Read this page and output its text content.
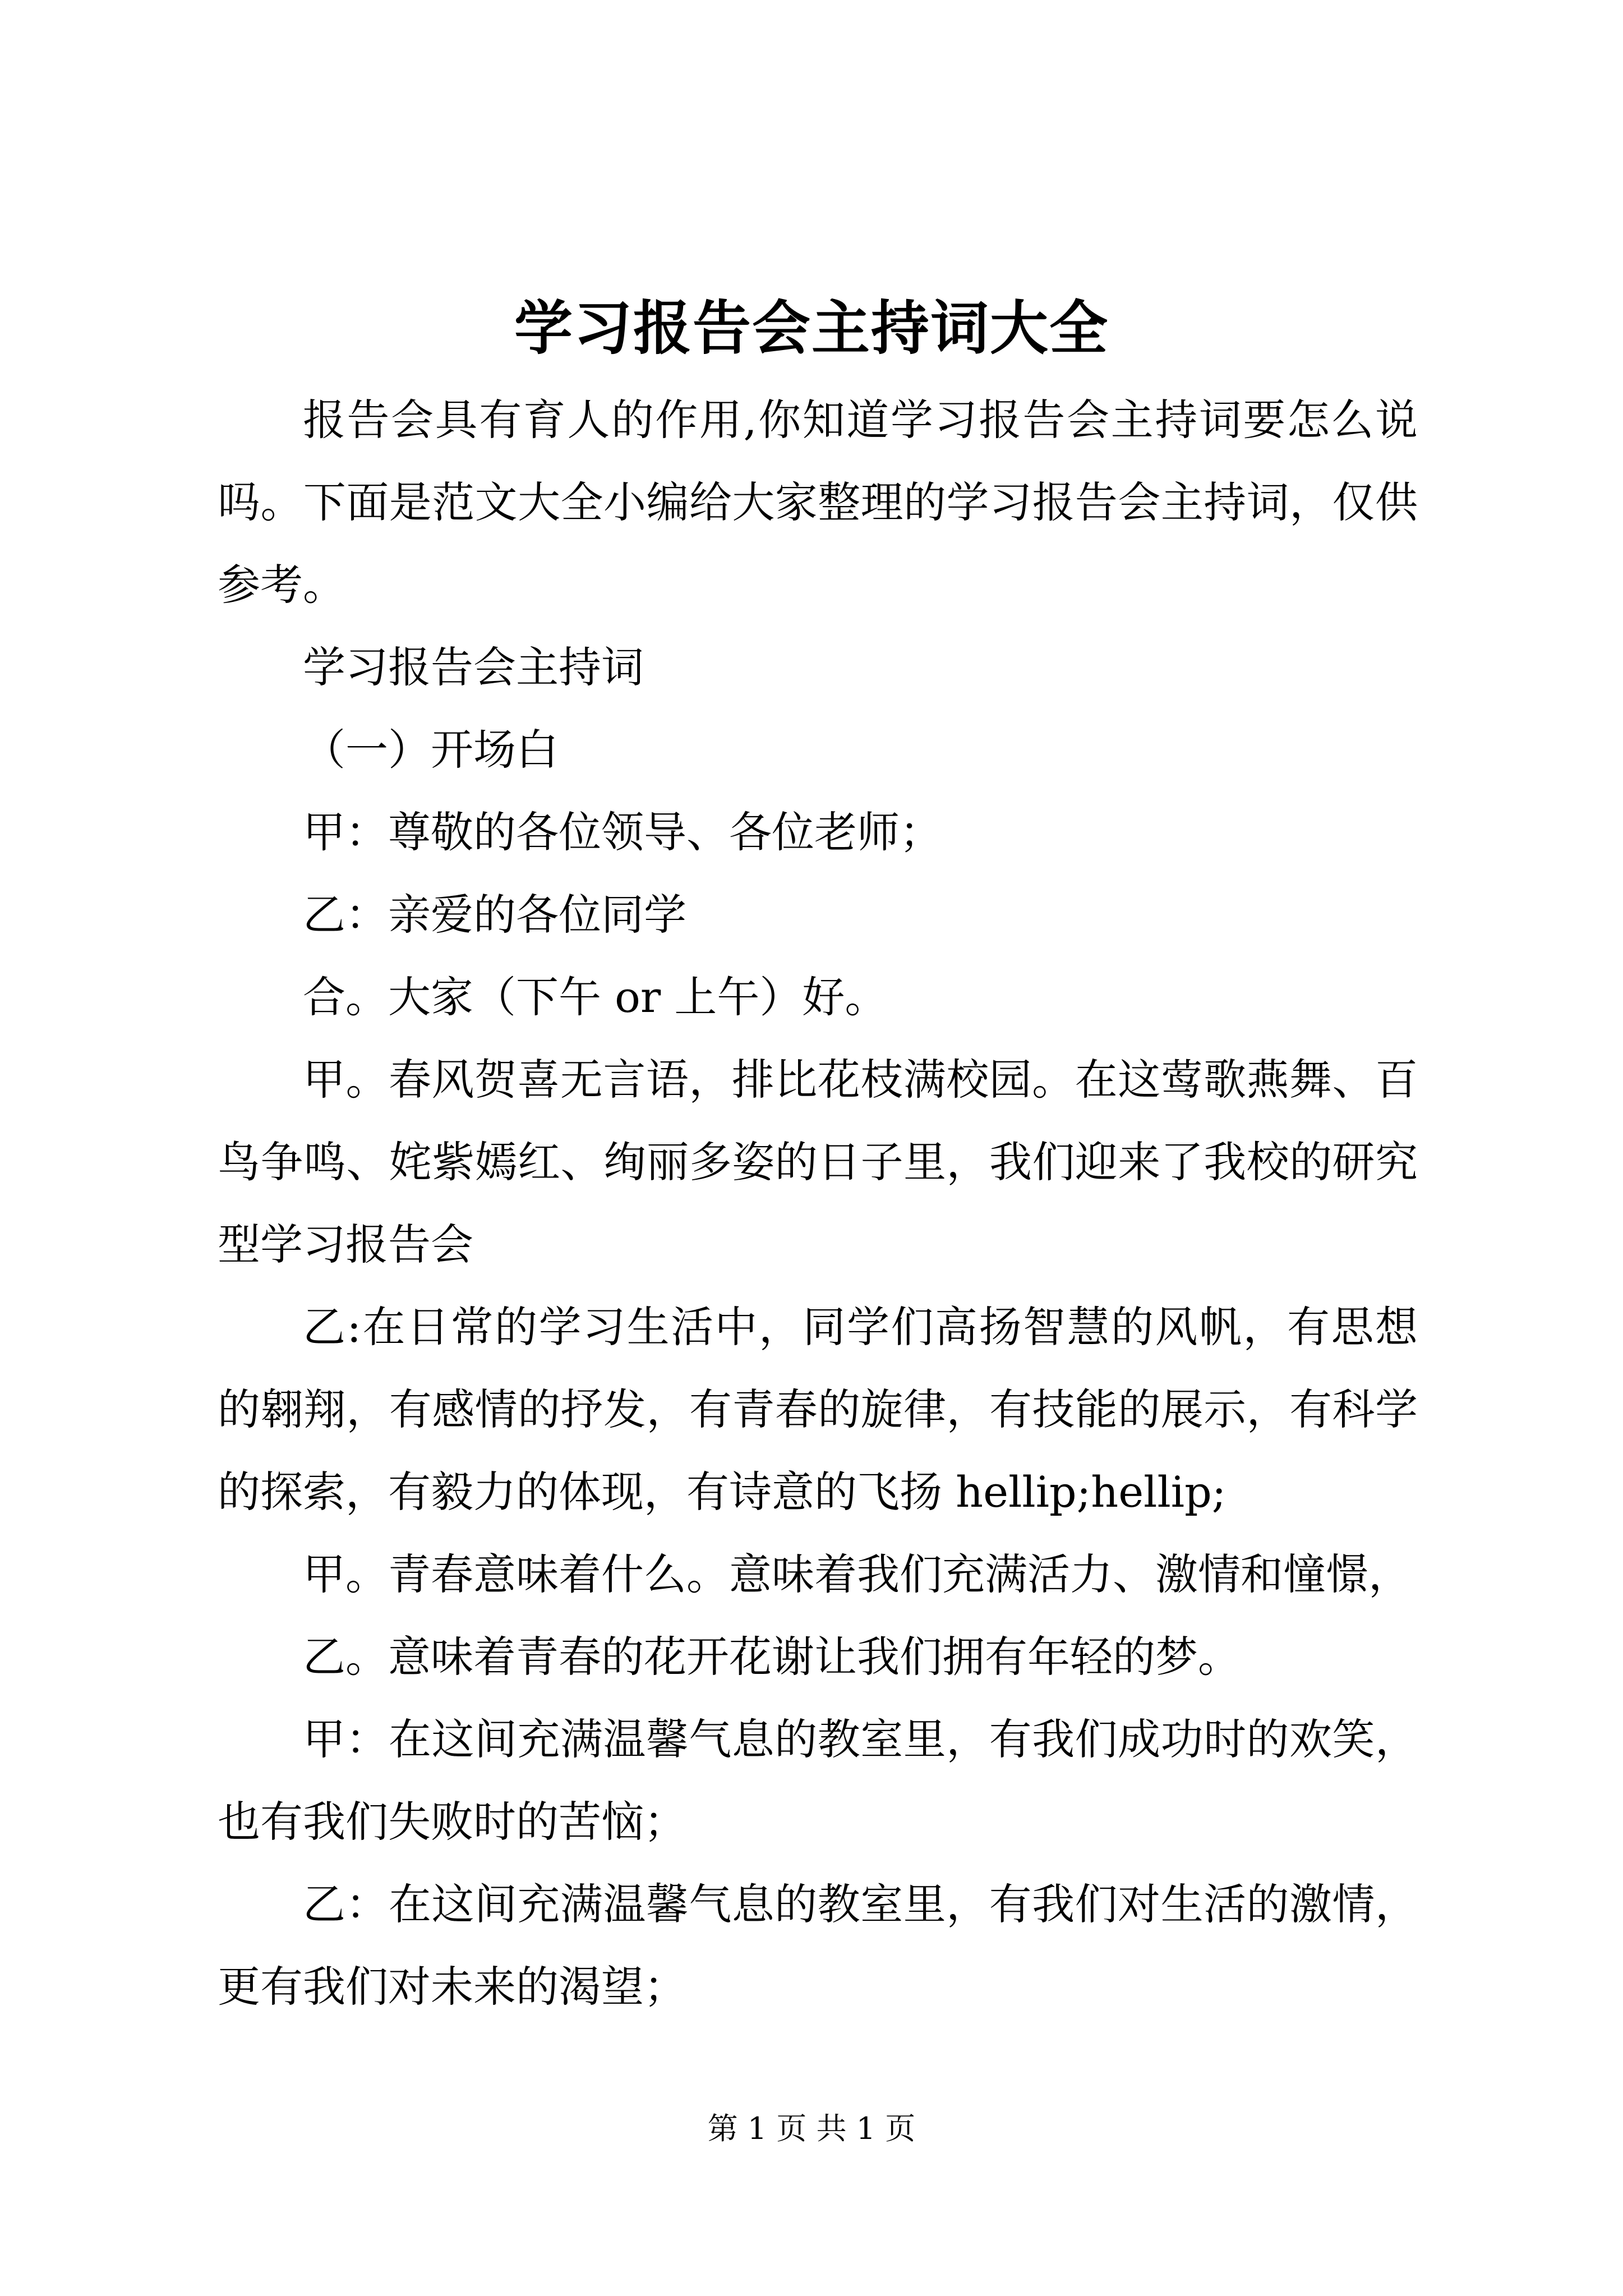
学习报告会主持词大全

报告会具有育人的作用,你知道学习报告会主持词要怎么说吗。下面是范文大全小编给大家整理的学习报告会主持词，仅供参考。

学习报告会主持词

（一）开场白

甲：尊敬的各位领导、各位老师；

乙：亲爱的各位同学

合。大家（下午 or 上午）好。

甲。春风贺喜无言语，排比花枝满校园。在这莺歌燕舞、百鸟争鸣、姹紫嫣红、绚丽多姿的日子里，我们迎来了我校的研究型学习报告会

乙:在日常的学习生活中，同学们高扬智慧的风帆，有思想的翱翔，有感情的抒发，有青春的旋律，有技能的展示，有科学的探索，有毅力的体现，有诗意的飞扬 hellip;hellip;

甲。青春意味着什么。意味着我们充满活力、激情和憧憬，

乙。意味着青春的花开花谢让我们拥有年轻的梦。

甲：在这间充满温馨气息的教室里，有我们成功时的欢笑，也有我们失败时的苦恼；

乙：在这间充满温馨气息的教室里，有我们对生活的激情，更有我们对未来的渴望；

第 1 页 共 1 页
